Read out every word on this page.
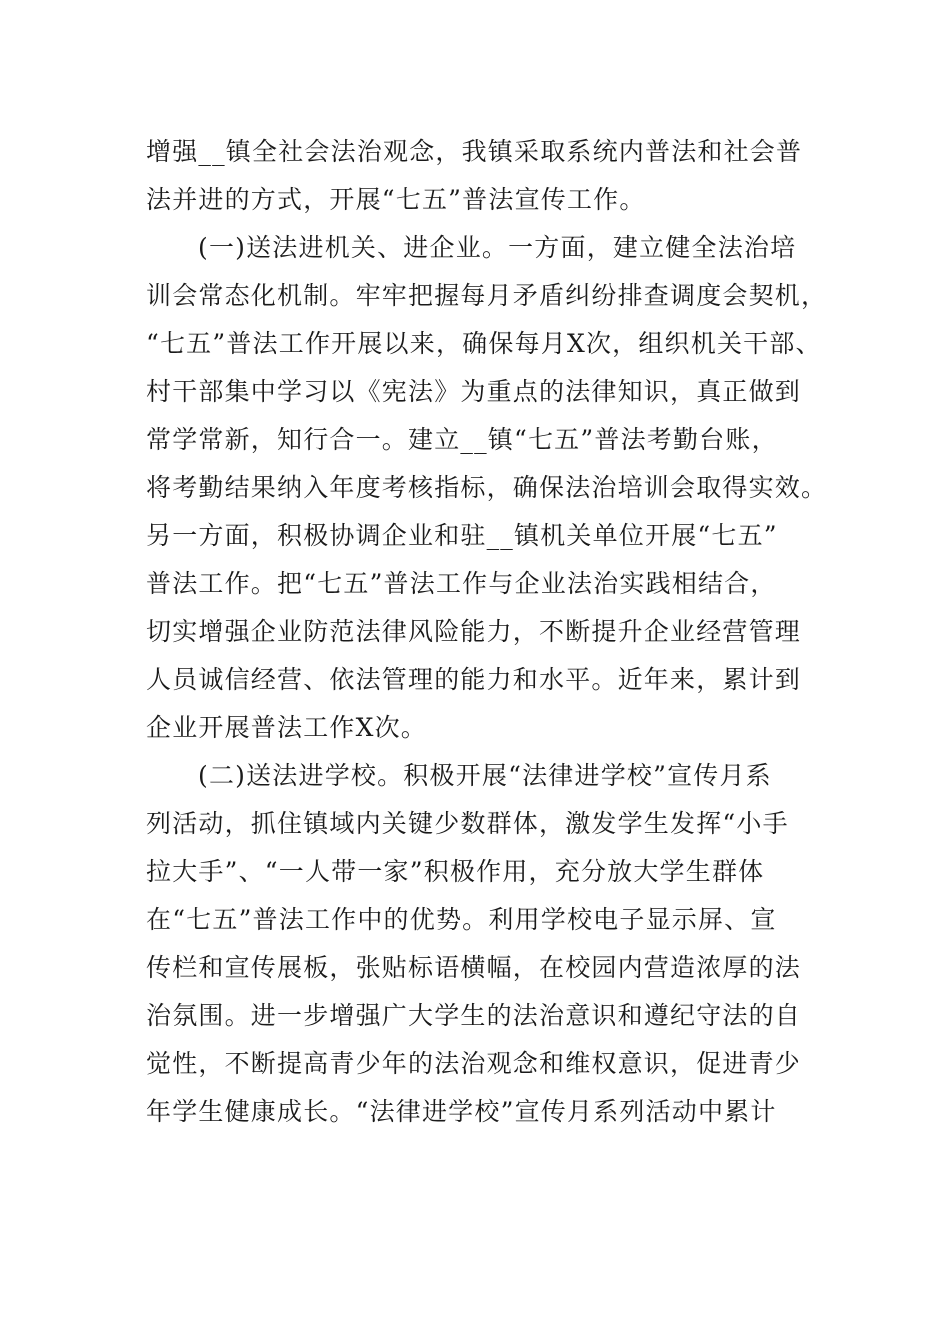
增强__镇全社会法治观念，我镇采取系统内普法和社会普
法并进的方式，开展“七五”普法宣传工作。
(一)送法进机关、进企业。一方面，建立健全法治培
训会常态化机制。牢牢把握每月矛盾纠纷排查调度会契机，
“七五”普法工作开展以来，确保每月X次，组织机关干部、
村干部集中学习以《宪法》为重点的法律知识，真正做到
常学常新，知行合一。建立__镇“七五”普法考勤台账，
将考勤结果纳入年度考核指标，确保法治培训会取得实效。
另一方面，积极协调企业和驻__镇机关单位开展“七五”
普法工作。把“七五”普法工作与企业法治实践相结合，
切实增强企业防范法律风险能力，不断提升企业经营管理
人员诚信经营、依法管理的能力和水平。近年来，累计到
企业开展普法工作X次。
(二)送法进学校。积极开展“法律进学校”宣传月系
列活动，抓住镇域内关键少数群体，激发学生发挥“小手
拉大手”、“一人带一家”积极作用，充分放大学生群体
在“七五”普法工作中的优势。利用学校电子显示屏、宣
传栏和宣传展板，张贴标语横幅，在校园内营造浓厚的法
治氛围。进一步增强广大学生的法治意识和遵纪守法的自
觉性，不断提高青少年的法治观念和维权意识，促进青少
年学生健康成长。“法律进学校”宣传月系列活动中累计
